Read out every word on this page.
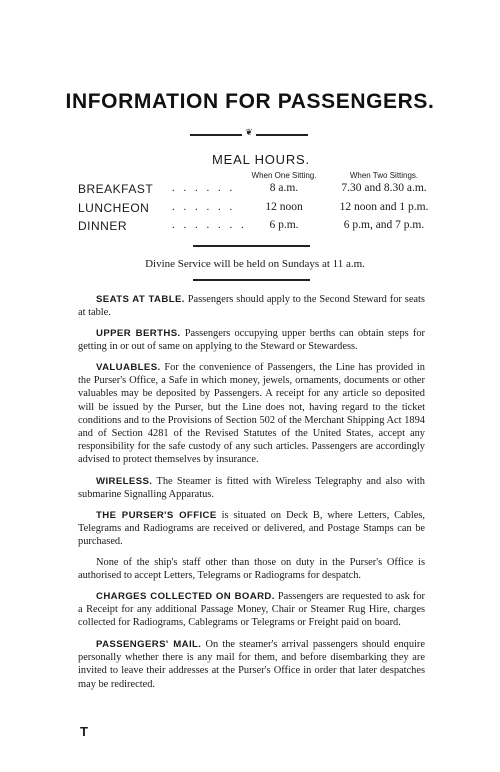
INFORMATION FOR PASSENGERS.
❦
MEAL HOURS.
When One Sitting.	When Two Sittings.
BREAKFAST . . . . . .	8 a.m.	7.30 and 8.30 a.m.
LUNCHEON . . . . . .	12 noon	12 noon and 1 p.m.
DINNER	. . . . . . .	6 p.m.	6 p.m, and 7 p.m.
Divine Service will be held on Sundays at 11 a.m.

SEATS AT TABLE. Passengers should apply to the Second Steward for seats at table.

UPPER BERTHS. Passengers occupying upper berths can obtain steps for getting in or out of same on applying to the Steward or Stewardess.

VALUABLES. For the convenience of Passengers, the Line has provided in the Purser's Office, a Safe in which money, jewels, ornaments, documents or other valuables may be deposited by Passengers. A receipt for any article so deposited will be issued by the Purser, but the Line does not, having regard to the ticket conditions and to the Provisions of Section 502 of the Merchant Shipping Act 1894 and of Section 4281 of the Revised Statutes of the United States, accept any responsibility for the safe custody of any such articles. Passengers are accordingly advised to protect themselves by insurance.

WIRELESS. The Steamer is fitted with Wireless Telegraphy and also with submarine Signalling Apparatus.

THE PURSER'S OFFICE is situated on Deck B, where Letters, Cables, Telegrams and Radiograms are received or delivered, and Postage Stamps can be purchased.

None of the ship's staff other than those on duty in the Purser's Office is authorised to accept Letters, Telegrams or Radiograms for despatch.

CHARGES COLLECTED ON BOARD. Passengers are requested to ask for a Receipt for any additional Passage Money, Chair or Steamer Rug Hire, charges collected for Radiograms, Cablegrams or Telegrams or Freight paid on board.

PASSENGERS' MAIL. On the steamer's arrival passengers should enquire personally whether there is any mail for them, and before disembarking they are invited to leave their addresses at the Purser's Office in order that later despatches may be redirected.

T
